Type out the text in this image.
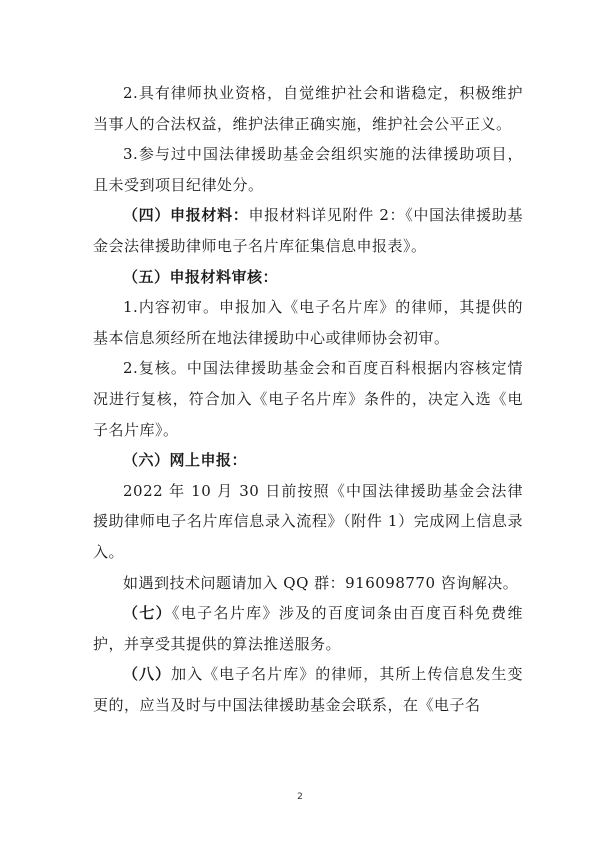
2.具有律师执业资格，自觉维护社会和谐稳定，积极维护当事人的合法权益，维护法律正确实施，维护社会公平正义。

3.参与过中国法律援助基金会组织实施的法律援助项目，且未受到项目纪律处分。

（四）申报材料：申报材料详见附件 2：《中国法律援助基金会法律援助律师电子名片库征集信息申报表》。

（五）申报材料审核：

1.内容初审。申报加入《电子名片库》的律师，其提供的基本信息须经所在地法律援助中心或律师协会初审。

2.复核。中国法律援助基金会和百度百科根据内容核定情况进行复核，符合加入《电子名片库》条件的，决定入选《电子名片库》。

（六）网上申报：

2022 年 10 月 30 日前按照《中国法律援助基金会法律援助律师电子名片库信息录入流程》（附件 1）完成网上信息录入。

如遇到技术问题请加入 QQ 群：916098770 咨询解决。

（七）《电子名片库》涉及的百度词条由百度百科免费维护，并享受其提供的算法推送服务。

（八）加入《电子名片库》的律师，其所上传信息发生变更的，应当及时与中国法律援助基金会联系，在《电子名

2
